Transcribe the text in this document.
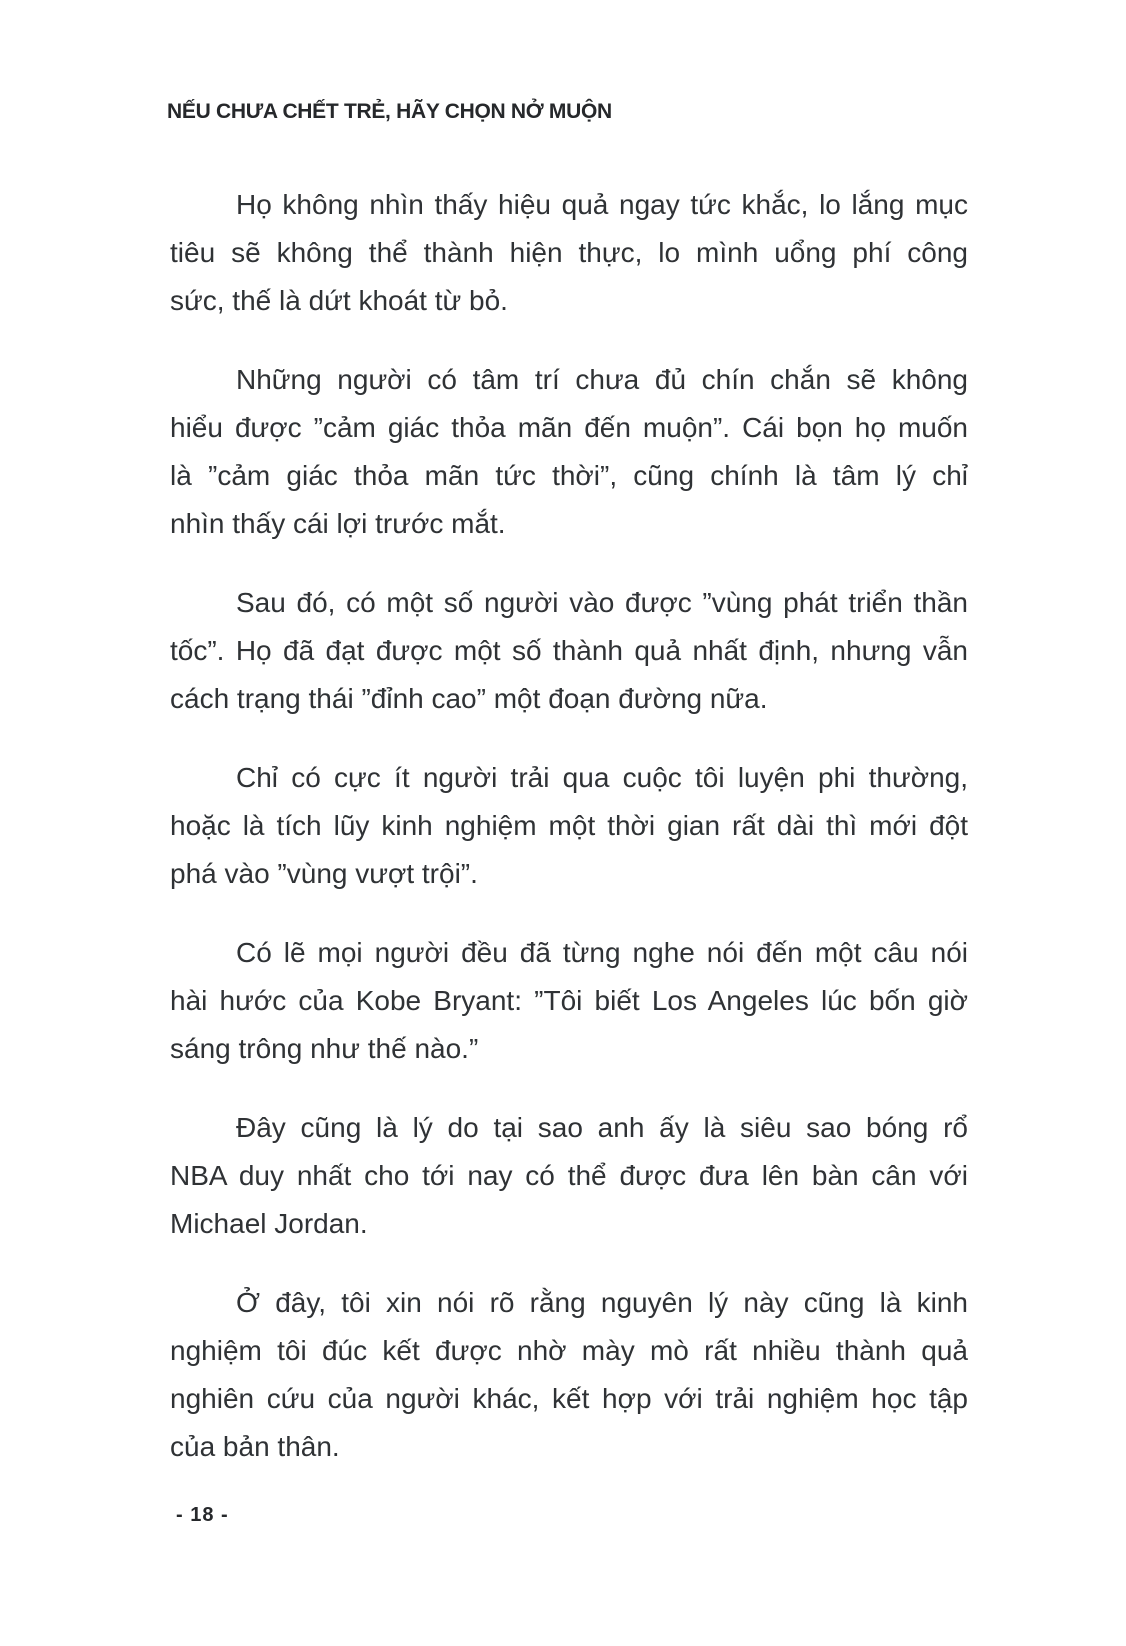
NẾU CHƯA CHẾT TRẺ, HÃY CHỌN NỞ MUỘN
Họ không nhìn thấy hiệu quả ngay tức khắc, lo lắng mục
tiêu sẽ không thể thành hiện thực, lo mình uổng phí công
sức, thế là dứt khoát từ bỏ.
Những người có tâm trí chưa đủ chín chắn sẽ không
hiểu được ”cảm giác thỏa mãn đến muộn”. Cái bọn họ muốn
là ”cảm giác thỏa mãn tức thời”, cũng chính là tâm lý chỉ
nhìn thấy cái lợi trước mắt.
Sau đó, có một số người vào được ”vùng phát triển thần
tốc”. Họ đã đạt được một số thành quả nhất định, nhưng vẫn
cách trạng thái ”đỉnh cao” một đoạn đường nữa.
Chỉ có cực ít người trải qua cuộc tôi luyện phi thường,
hoặc là tích lũy kinh nghiệm một thời gian rất dài thì mới đột
phá vào ”vùng vượt trội”.
Có lẽ mọi người đều đã từng nghe nói đến một câu nói
hài hước của Kobe Bryant: ”Tôi biết Los Angeles lúc bốn giờ
sáng trông như thế nào.”
Đây cũng là lý do tại sao anh ấy là siêu sao bóng rổ
NBA duy nhất cho tới nay có thể được đưa lên bàn cân với
Michael Jordan.
Ở đây, tôi xin nói rõ rằng nguyên lý này cũng là kinh
nghiệm tôi đúc kết được nhờ mày mò rất nhiều thành quả
nghiên cứu của người khác, kết hợp với trải nghiệm học tập
của bản thân.
- 18 -
